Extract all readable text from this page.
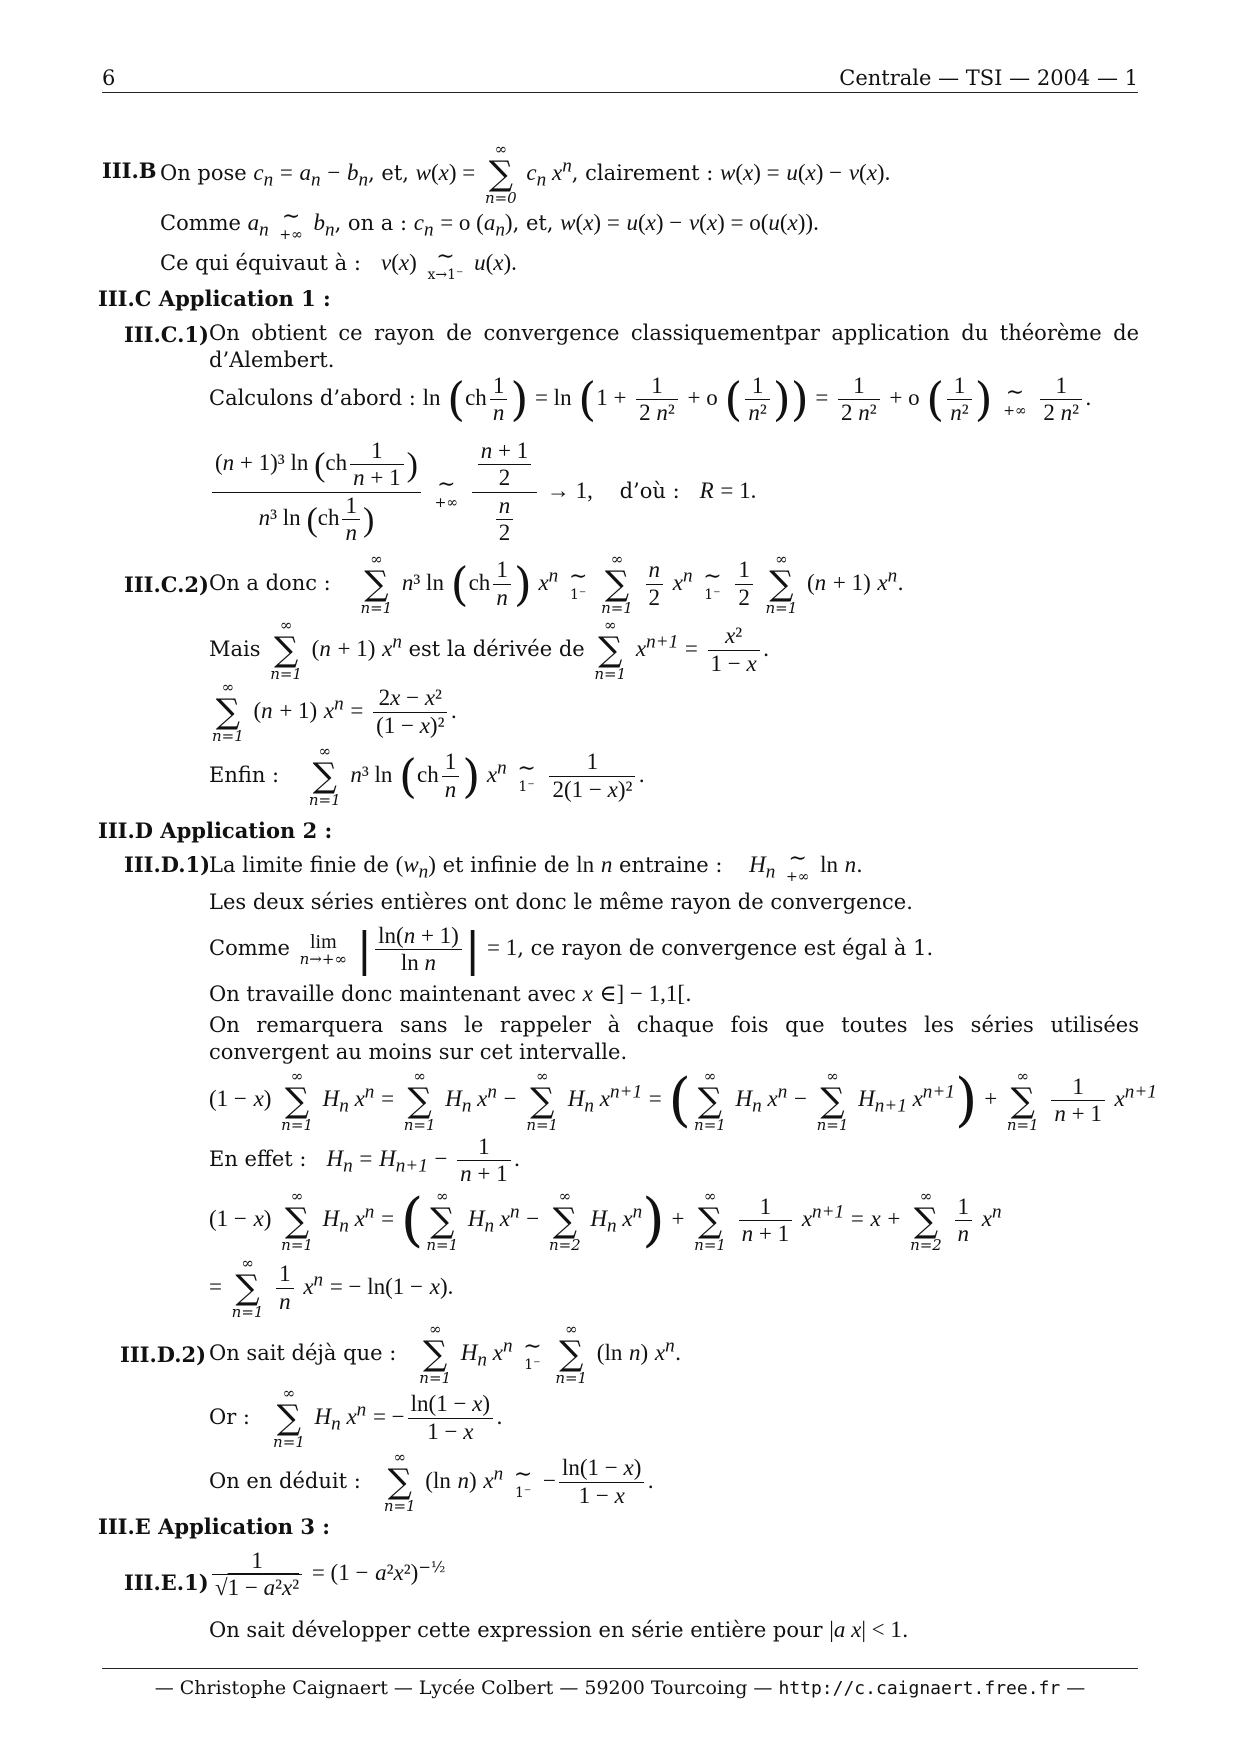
6	Centrale — TSI — 2004 — 1
III.B On pose $c_n = a_n - b_n$, et, w(x) =
∞
∑
n=0
$c_n$ $x^n$, clairement : w(x) = u(x) − v(x).
Comme $a_n$
∼
+∞
$b_n$, on a : $c_n = o$ $(a_n)$, et, w(x) = u(x) − v(x) = o(u(x)).
Ce qui équivaut à :   v(x) ∼
x→1⁻
u(x).
III.C Application 1 :
III.C.1) On obtient ce rayon de convergence classiquementpar application du théorème de d’Alembert.
Calculons d’abord : $\ln (ch \frac{1}{n}$ ) = $\ln (1 + \frac{1}{\text{2 n²}} + o$ ( $\frac{1}{\text{n²}}$ )) = $\frac{1}{\text{2 n²}} + o$ ( $\frac{1}{\text{n²}}$ ) ∼
+∞
$\frac{1}{\text{2 n²}}$ .
$\frac{(n + 1)^3 \ln (ch \frac{1}{n + 1} )}{n^3 \ln (ch \frac{1}{n} )}$
∼
+∞
$\frac{\frac{n + 1}{2}}{\frac{n}{2}} \to 1$,    d’où :   R = 1.
III.C.2) On a donc :
∞
∑
n=1
n³ $\ln (ch \frac{1}{n}$ ) $x^n$ ∼
1⁻

∞
∑
n=1
$\frac{n}{2} x^n$ ∼
1⁻
$\frac{1}{2}$
	∞
∑
n=1
(n + 1) $x^n$.
Mais
∞
∑
n=1
(n + 1) $x^n$ est la dérivée de
∞
∑
n=1
$x^{n+1} = \frac{\text{x²}}{1 - x}$ .
∞
∑
n=1
(n + 1) $x^n = \frac{\text{2x − x²}}{\text{(1 − x)²}}$ .
Enfin :
∞
∑
n=1
n³ $\ln (ch \frac{1}{n}$ ) $x^n$ ∼
1⁻
$\frac{1}{\text{2(1 − x)²}}$ .
III.D Application 2 :
III.D.1)
La limite finie de $(w_n)$ et infinie de ln n entraine :    $H_n$
∼
+∞
ln n.
Les deux séries entières ont donc le même rayon de convergence.
Comme lim
n→+∞ | $\frac{\ln(n + 1)}{\text{ln n}}$ | = 1, ce rayon de convergence est égal à 1.
On travaille donc maintenant avec x ∈] − 1,1[.
On remarquera sans le rappeler à chaque fois que toutes les séries utilisées convergent au moins sur cet intervalle.
(1 − x)
∞
∑
n=1
$H_n$ $x^n$ =
∞
∑
n=1
$H_n$ $x^n$ −
∞
∑
n=1
$H_n$ $x^{n+1}$ = ( ∞
∑
n=1
$H_n$ $x^n$ −
∞
∑
n=1
$H_{n+1}$ $x^{n+1}$) +
∞
∑
n=1
$\frac{1}{n + 1} x^{n+1}$
En effet :   $H_n = H_{n+1} - \frac{1}{n + 1}$ .
(1 − x)
∞
∑
n=1
$H_n$ $x^n$ = ( ∞
∑
n=1
$H_n$ $x^n$ −
∞
∑
n=2
$H_n$ $x^n$) +
∞
∑
n=1
$\frac{1}{n + 1} x^{n+1} = x$ +
∞
∑
n=2
$\frac{1}{n} x^n$
=
∞
∑
n=1
$\frac{1}{n} x^n$ = − ln(1 − x).
III.D.2) On sait déjà que :
∞
∑
n=1
$H_n$ $x^n$ ∼
1⁻

∞
∑
n=1
(ln n) $x^n$.
Or :
∞
∑
n=1
$H_n$ $x^n$ = − $\frac{\ln(1 - x)}{1 - x}$ .
On en déduit :
∞
∑
n=1
(ln n) $x^n$ ∼
1⁻
− $\frac{\ln(1 - x)}{1 - x}$ .
III.E Application 3 :
$III.E.1) \frac{1}{\text{√1 − a²x²}} = (1 - a^2x^2)^{-\frac{1}{2}}$
On sait développer cette expression en série entière pour |a x| < 1.
— Christophe Caignaert — Lycée Colbert — 59200 Tourcoing — http://c.caignaert.free.fr —
